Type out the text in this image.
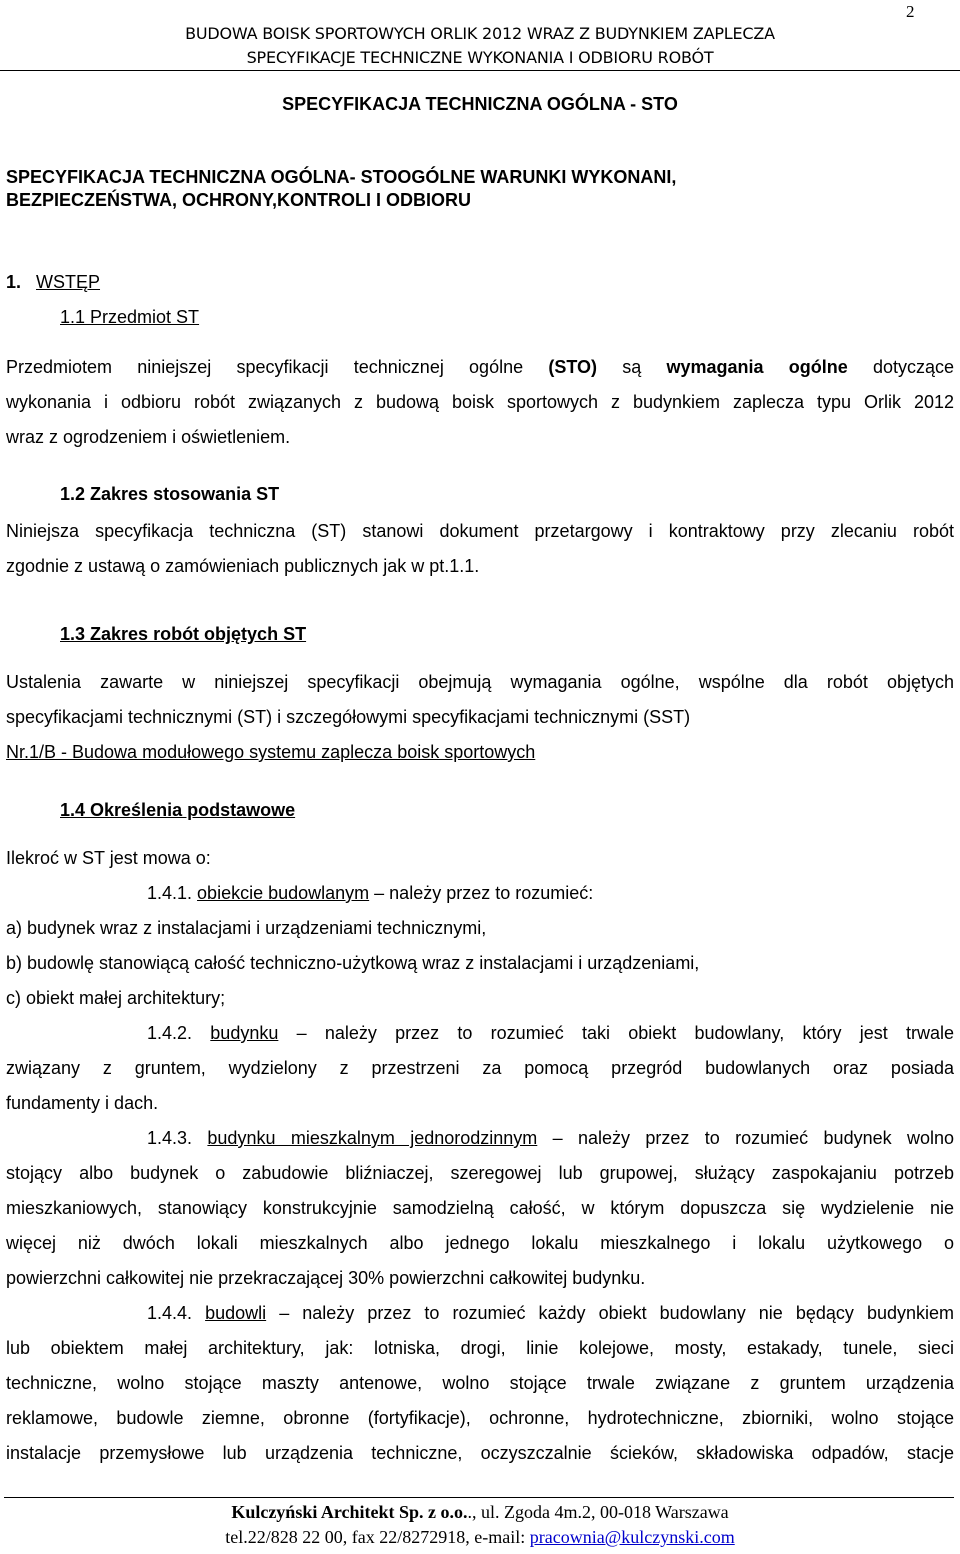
2
BUDOWA BOISK SPORTOWYCH ORLIK 2012 WRAZ Z BUDYNKIEM ZAPLECZA
SPECYFIKACJE TECHNICZNE WYKONANIA I ODBIORU ROBÓT
SPECYFIKACJA TECHNICZNA OGÓLNA - STO
SPECYFIKACJA TECHNICZNA OGÓLNA- STOOGÓLNE WARUNKI WYKONANI,
BEZPIECZEŃSTWA, OCHRONY,KONTROLI I ODBIORU
1. WSTĘP
1.1 Przedmiot ST
Przedmiotem niniejszej specyfikacji technicznej ogólne (STO) są wymagania ogólne dotyczące
wykonania i odbioru robót związanych z budową boisk sportowych z budynkiem zaplecza typu Orlik 2012
wraz z ogrodzeniem i oświetleniem.
1.2 Zakres stosowania ST
Niniejsza specyfikacja techniczna (ST) stanowi dokument przetargowy i kontraktowy przy zlecaniu robót
zgodnie z ustawą o zamówieniach publicznych jak w pt.1.1.
1.3 Zakres robót objętych ST
Ustalenia zawarte w niniejszej specyfikacji obejmują wymagania ogólne, wspólne dla robót objętych
specyfikacjami technicznymi (ST) i szczegółowymi specyfikacjami technicznymi (SST)
Nr.1/B - Budowa modułowego systemu zaplecza boisk sportowych
1.4 Określenia podstawowe
Ilekroć w ST jest mowa o:
1.4.1. obiekcie budowlanym – należy przez to rozumieć:
a) budynek wraz z instalacjami i urządzeniami technicznymi,
b) budowlę stanowiącą całość techniczno-użytkową wraz z instalacjami i urządzeniami,
c) obiekt małej architektury;
1.4.2. budynku – należy przez to rozumieć taki obiekt budowlany, który jest trwale
związany z gruntem, wydzielony z przestrzeni za pomocą przegród budowlanych oraz posiada
fundamenty i dach.
1.4.3. budynku mieszkalnym jednorodzinnym – należy przez to rozumieć budynek wolno
stojący albo budynek o zabudowie bliźniaczej, szeregowej lub grupowej, służący zaspokajaniu potrzeb
mieszkaniowych, stanowiący konstrukcyjnie samodzielną całość, w którym dopuszcza się wydzielenie nie
więcej niż dwóch lokali mieszkalnych albo jednego lokalu mieszkalnego i lokalu użytkowego o
powierzchni całkowitej nie przekraczającej 30% powierzchni całkowitej budynku.
1.4.4. budowli – należy przez to rozumieć każdy obiekt budowlany nie będący budynkiem
lub obiektem małej architektury, jak: lotniska, drogi, linie kolejowe, mosty, estakady, tunele, sieci
techniczne, wolno stojące maszty antenowe, wolno stojące trwale związane z gruntem urządzenia
reklamowe, budowle ziemne, obronne (fortyfikacje), ochronne, hydrotechniczne, zbiorniki, wolno stojące
instalacje przemysłowe lub urządzenia techniczne, oczyszczalnie ścieków, składowiska odpadów, stacje
Kulczyński Architekt Sp. z o.o.., ul. Zgoda 4m.2, 00-018 Warszawa
tel.22/828 22 00, fax 22/8272918, e-mail: pracownia@kulczynski.com
